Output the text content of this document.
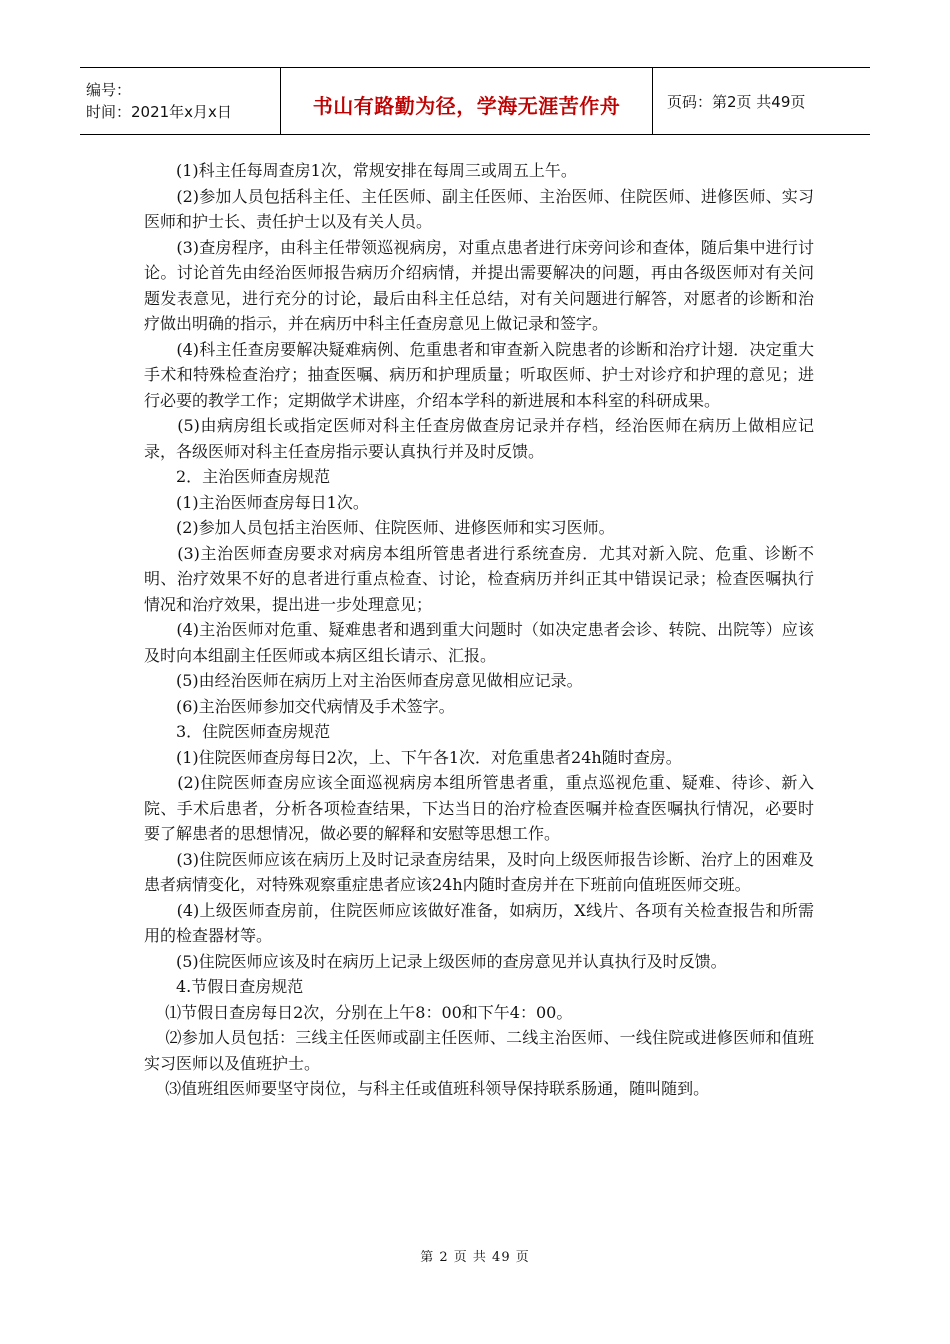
编号：
时间：2021年x月x日	书山有路勤为径，学海无涯苦作舟	页码：第2页 共49页

　　(1)科主任每周查房1次，常规安排在每周三或周五上午。

　　(2)参加人员包括科主任、主任医师、副主任医师、主治医师、住院医师、进修医师、实习医师和护士长、责任护士以及有关人员。

　　(3)查房程序，由科主任带领巡视病房，对重点患者进行床旁问诊和查体，随后集中进行讨论。讨论首先由经治医师报告病历介绍病情，并提出需要解决的问题，再由各级医师对有关问题发表意见，进行充分的讨论，最后由科主任总结，对有关问题进行解答，对愿者的诊断和治疗做出明确的指示，并在病历中科主任查房意见上做记录和签字。

　　(4)科主任查房要解决疑难病例、危重患者和审查新入院患者的诊断和治疗计翅．决定重大手术和特殊检查治疗；抽查医嘱、病历和护理质量；听取医师、护士对诊疗和护理的意见；进行必要的教学工作；定期做学术讲座，介绍本学科的新进展和本科室的科研成果。

　　(5)由病房组长或指定医师对科主任查房做查房记录并存档，经治医师在病历上做相应记录，各级医师对科主任查房指示要认真执行并及时反馈。

　　2．主治医师查房规范

　　(1)主治医师查房每日1次。

　　(2)参加人员包括主治医师、住院医师、进修医师和实习医师。

　　(3)主治医师查房要求对病房本组所管患者进行系统查房．尤其对新入院、危重、诊断不明、治疗效果不好的息者进行重点检查、讨论，检查病历并纠正其中错误记录；检查医嘱执行情况和治疗效果，提出进一步处理意见；

　　(4)主治医师对危重、疑难患者和遇到重大问题时（如决定患者会诊、转院、出院等）应该及时向本组副主任医师或本病区组长请示、汇报。

　　(5)由经治医师在病历上对主治医师查房意见做相应记录。

　　(6)主治医师参加交代病情及手术签字。

　　3．住院医师查房规范

　　(1)住院医师查房每日2次，上、下午各1次．对危重患者24h随时查房。

　　(2)住院医师查房应该全面巡视病房本组所管患者重，重点巡视危重、疑难、待诊、新入院、手术后患者，分析各项检查结果，下达当日的治疗检查医嘱并检查医嘱执行情况，必要时要了解患者的思想情况，做必要的解释和安慰等思想工作。

　　(3)住院医师应该在病历上及时记录查房结果，及时向上级医师报告诊断、治疗上的困难及患者病情变化，对特殊观察重症患者应该24h内随时查房并在下班前向值班医师交班。

　　(4)上级医师查房前，住院医师应该做好准备，如病历，X线片、各项有关检查报告和所需用的检查器材等。

　　(5)住院医师应该及时在病历上记录上级医师的查房意见并认真执行及时反馈。

　　4.节假日查房规范

　 ⑴节假日查房每日2次，分别在上午8：00和下午4：00。

　 ⑵参加人员包括：三线主任医师或副主任医师、二线主治医师、一线住院或进修医师和值班实习医师以及值班护士。

　 ⑶值班组医师要坚守岗位，与科主任或值班科领导保持联系肠通，随叫随到。

第 2 页 共 49 页
